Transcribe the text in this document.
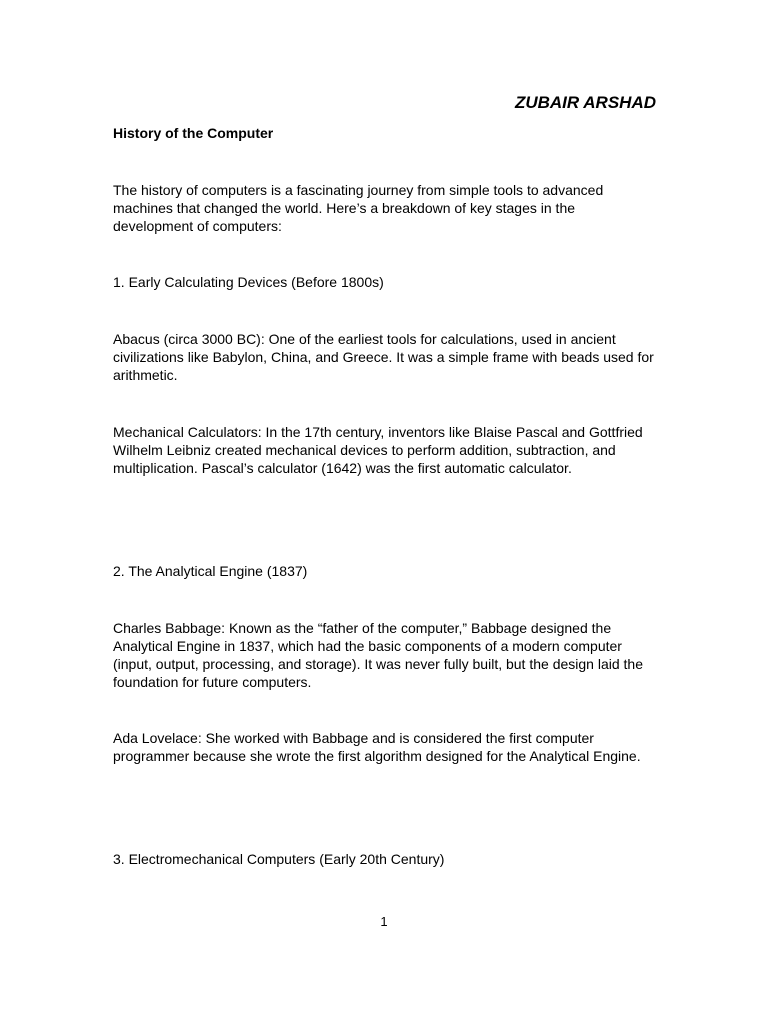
ZUBAIR ARSHAD
History of the Computer
The history of computers is a fascinating journey from simple tools to advanced machines that changed the world. Here’s a breakdown of key stages in the development of computers:
1. Early Calculating Devices (Before 1800s)
Abacus (circa 3000 BC): One of the earliest tools for calculations, used in ancient civilizations like Babylon, China, and Greece. It was a simple frame with beads used for arithmetic.
Mechanical Calculators: In the 17th century, inventors like Blaise Pascal and Gottfried Wilhelm Leibniz created mechanical devices to perform addition, subtraction, and multiplication. Pascal’s calculator (1642) was the first automatic calculator.
2. The Analytical Engine (1837)
Charles Babbage: Known as the “father of the computer,” Babbage designed the Analytical Engine in 1837, which had the basic components of a modern computer (input, output, processing, and storage). It was never fully built, but the design laid the foundation for future computers.
Ada Lovelace: She worked with Babbage and is considered the first computer programmer because she wrote the first algorithm designed for the Analytical Engine.
3. Electromechanical Computers (Early 20th Century)
1
